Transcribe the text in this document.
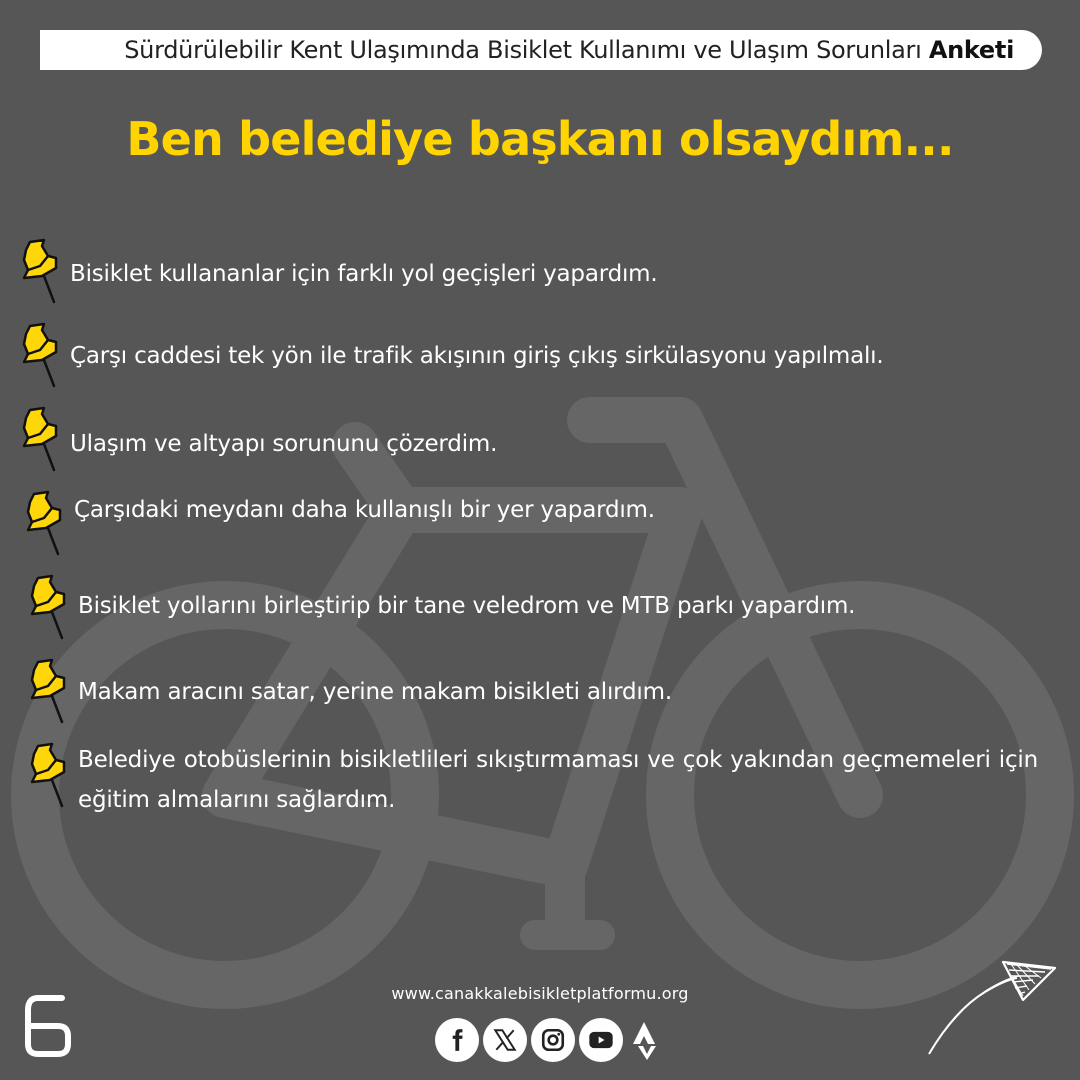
Sürdürülebilir Kent Ulaşımında Bisiklet Kullanımı ve Ulaşım Sorunları Anketi
Ben belediye başkanı olsaydım...
Bisiklet kullananlar için farklı yol geçişleri yapardım.
Çarşı caddesi tek yön ile trafik akışının giriş çıkış sirkülasyonu yapılmalı.
Ulaşım ve altyapı sorununu çözerdim.
Çarşıdaki meydanı daha kullanışlı bir yer yapardım.
Bisiklet yollarını birleştirip bir tane veledrom ve MTB parkı yapardım.
Makam aracını satar, yerine makam bisikleti alırdım.
Belediye otobüslerinin bisikletlileri sıkıştırmaması ve çok yakından geçmemeleri için eğitim almalarını sağlardım.
www.canakkalebisikletplatformu.org
